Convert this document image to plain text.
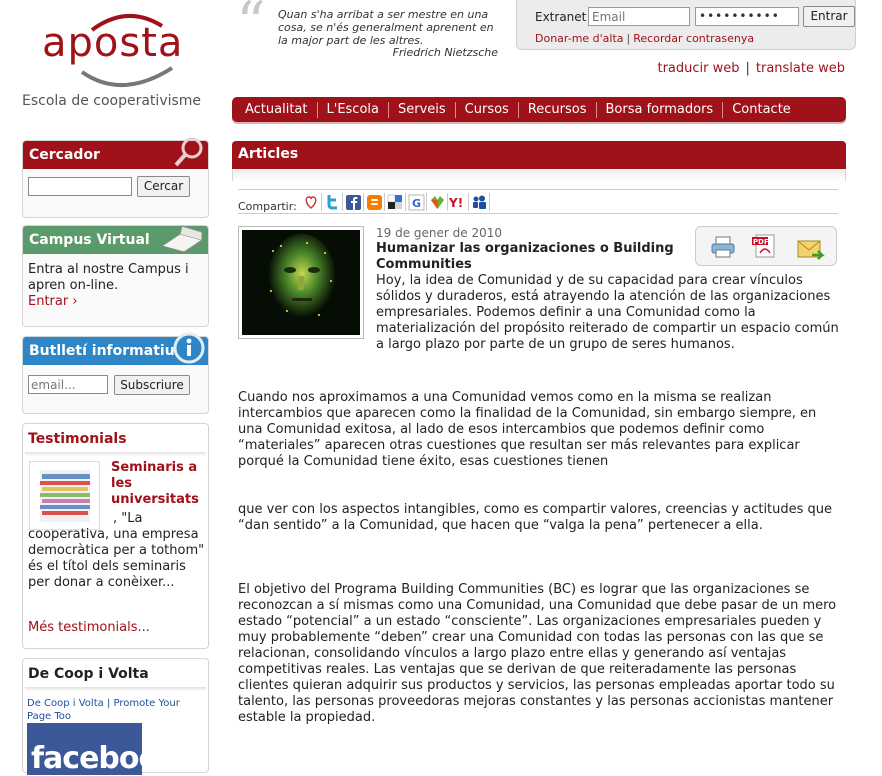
aposta
Escola de cooperativisme
“ Quan s'ha arribat a ser mestre en una cosa, se n'és generalment aprenent en la major part de les altres.
Friedrich Nietzsche
Extranet
Email	••••••••••	Entrar
Donar-me d'alta | Recordar contrasenya
traducir web | translate web
Actualitat	L'Escola	Serveis	Cursos	Recursos	Borsa formadors	Contacte
Cercador
Cercar
Campus Virtual
Entra al nostre Campus i apren on-line.
Entrar ›
Butlletí informatiu
email...
Subscriure
Testimonials
Seminaris a les universitats
, "La cooperativa, una empresa democràtica per a tothom" és el títol dels seminaris per donar a conèixer...
Més testimonials...
De Coop i Volta
De Coop i Volta | Promote Your Page Too
facebook
Articles
Compartir:	G Y!
19 de gener de 2010
Humanizar las organizaciones o Building Communities
PDF
Hoy, la idea de Comunidad y de su capacidad para crear vínculos sólidos y duraderos, está atrayendo la atención de las organizaciones empresariales. Podemos definir a una Comunidad como la materialización del propósito reiterado de compartir un espacio común a largo plazo por parte de un grupo de seres humanos.
Cuando nos aproximamos a una Comunidad vemos como en la misma se realizan intercambios que aparecen como la finalidad de la Comunidad, sin embargo siempre, en una Comunidad exitosa, al lado de esos intercambios que podemos definir como “materiales” aparecen otras cuestiones que resultan ser más relevantes para explicar porqué la Comunidad tiene éxito, esas cuestiones tienen
que ver con los aspectos intangibles, como es compartir valores, creencias y actitudes que “dan sentido” a la Comunidad, que hacen que “valga la pena” pertenecer a ella.
El objetivo del Programa Building Communities (BC) es lograr que las organizaciones se reconozcan a sí mismas como una Comunidad, una Comunidad que debe pasar de un mero estado “potencial” a un estado “consciente”. Las organizaciones empresariales pueden y muy probablemente “deben” crear una Comunidad con todas las personas con las que se relacionan, consolidando vínculos a largo plazo entre ellas y generando así ventajas competitivas reales. Las ventajas que se derivan de que reiteradamente las personas clientes quieran adquirir sus productos y servicios, las personas empleadas aportar todo su talento, las personas proveedoras mejoras constantes y las personas accionistas mantener estable la propiedad.
